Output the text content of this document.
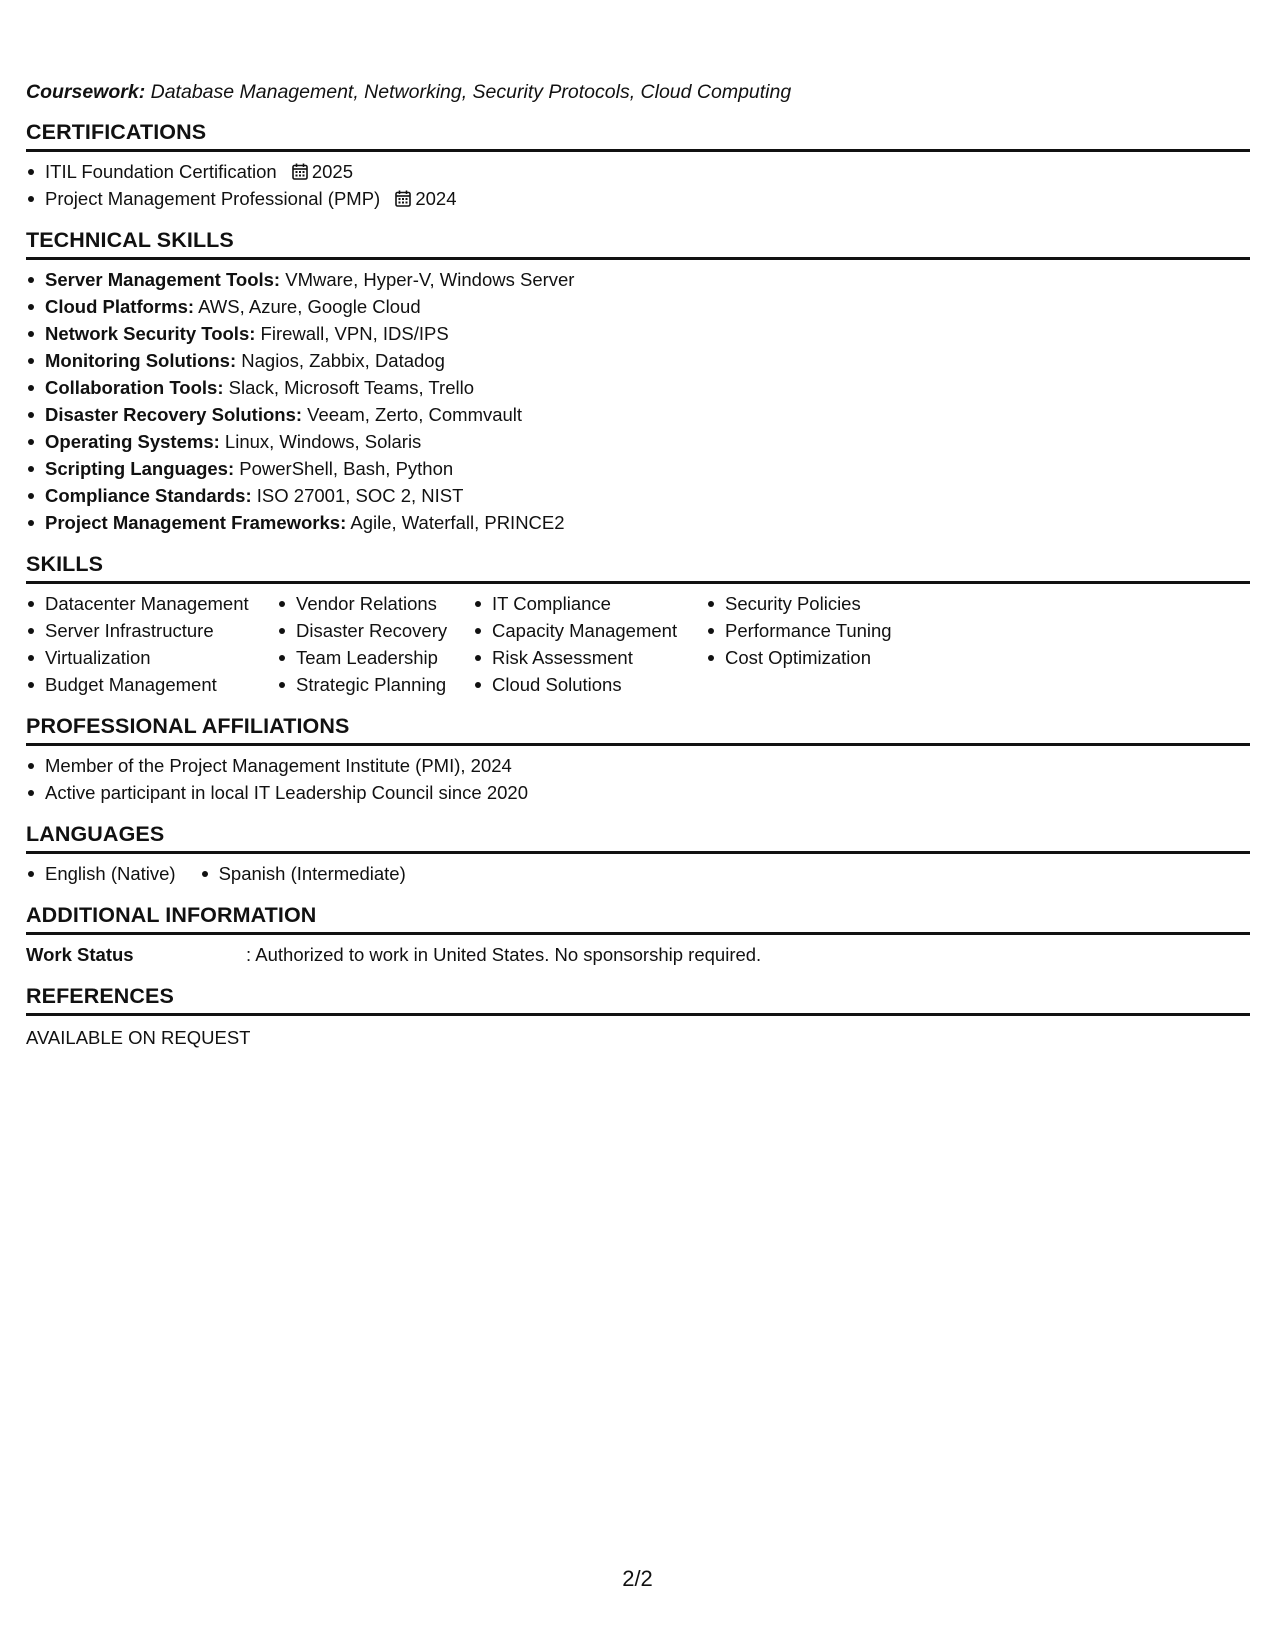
Coursework: Database Management, Networking, Security Protocols, Cloud Computing

CERTIFICATIONS
ITIL Foundation Certification 2025
Project Management Professional (PMP) 2024
TECHNICAL SKILLS
Server Management Tools: VMware, Hyper-V, Windows Server
Cloud Platforms: AWS, Azure, Google Cloud
Network Security Tools: Firewall, VPN, IDS/IPS
Monitoring Solutions: Nagios, Zabbix, Datadog
Collaboration Tools: Slack, Microsoft Teams, Trello
Disaster Recovery Solutions: Veeam, Zerto, Commvault
Operating Systems: Linux, Windows, Solaris
Scripting Languages: PowerShell, Bash, Python
Compliance Standards: ISO 27001, SOC 2, NIST
Project Management Frameworks: Agile, Waterfall, PRINCE2
SKILLS
Datacenter Management
Server Infrastructure
Virtualization
Budget Management
Vendor Relations
Disaster Recovery
Team Leadership
Strategic Planning
IT Compliance
Capacity Management
Risk Assessment
Cloud Solutions
Security Policies
Performance Tuning
Cost Optimization
PROFESSIONAL AFFILIATIONS
Member of the Project Management Institute (PMI), 2024
Active participant in local IT Leadership Council since 2020
LANGUAGES
English (Native)	Spanish (Intermediate)
ADDITIONAL INFORMATION
Work Status	: Authorized to work in United States. No sponsorship required.
REFERENCES
AVAILABLE ON REQUEST
2/2
